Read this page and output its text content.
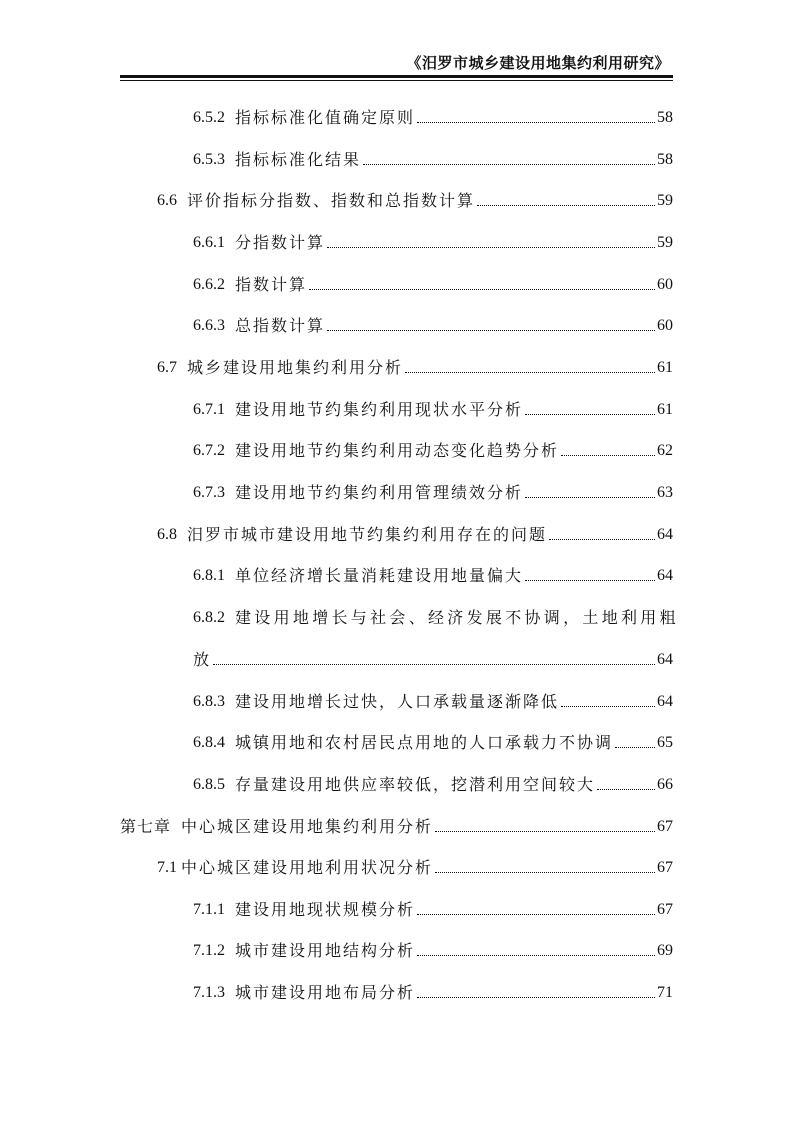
《汨罗市城乡建设用地集约利用研究》
6.5.2 指标标准化值确定原则	58
6.5.3 指标标准化结果	58
6.6 评价指标分指数、指数和总指数计算	59
6.6.1 分指数计算	59
6.6.2 指数计算	60
6.6.3 总指数计算	60
6.7 城乡建设用地集约利用分析	61
6.7.1 建设用地节约集约利用现状水平分析	61
6.7.2 建设用地节约集约利用动态变化趋势分析	62
6.7.3 建设用地节约集约利用管理绩效分析	63
6.8 汨罗市城市建设用地节约集约利用存在的问题	64
6.8.1 单位经济增长量消耗建设用地量偏大	64
6.8.2 建设用地增长与社会、经济发展不协调，土地利用粗
放	64
6.8.3 建设用地增长过快，人口承载量逐渐降低	64
6.8.4 城镇用地和农村居民点用地的人口承载力不协调	65
6.8.5 存量建设用地供应率较低，挖潜利用空间较大	66
第七章 中心城区建设用地集约利用分析	67
7.1 中心城区建设用地利用状况分析	67
7.1.1 建设用地现状规模分析	67
7.1.2 城市建设用地结构分析	69
7.1.3 城市建设用地布局分析	71
